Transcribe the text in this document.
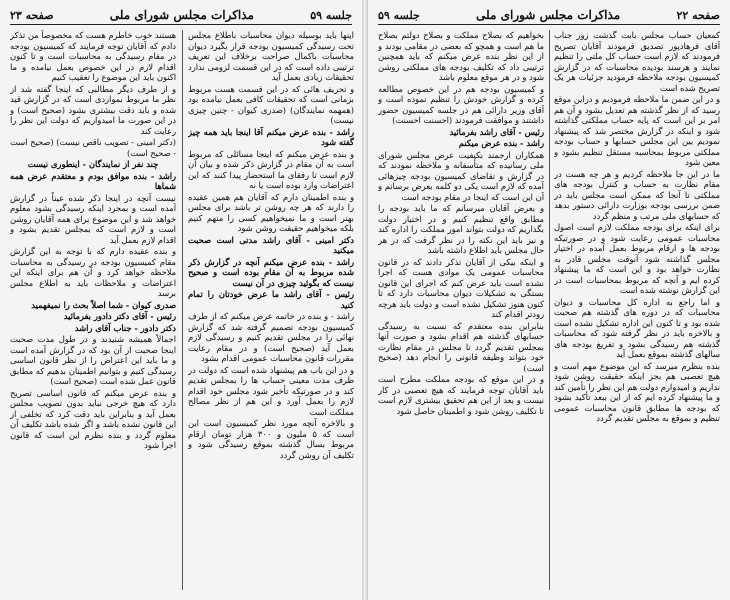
صفحه ۲۲
مذاکرات مجلس شورای ملی
جلسه ۵۹

کمعیان حساب مجلس بابت گذشت زوز جناب آقای فرهادپور تصدیق فرمودند آقایان تصریح فرمودند که لازم است حساب کل ملتی را تنظیم نمایند و هرسند بودیده محاسبات که در گزارش کمیسیون بودجه ملاحظه فرمودید جزئیات هر یک تصریح شده است

و در این ضمن ما ملاحظه فرمودیم و دراین موقع رسید که از نظر گذشته هم تعدیل بشود و آن هم امر بر این است که پایه حساب مملکتی گذاشته شود و اینکه در گزارش مختصر شد که پیشنهاد نمودیم بین این مجلس حسابها و حساب بودجه مملکتی مربوط بمحاسبه مستقل تنظیم بشود و معین شود

ما در این جا ملاحظه کردیم و هر چه هست در مقام نظارت به حساب و کنترل بودجه های مملکتی تا آنجا که ممکن است مجلس باید در ضمن بررسی بودجه بوزارت دارائی دستور بدهد که حسابهای ملی مرتب و منظم گردد

برای اینکه برای بودجه مملکت لازم است اصول محاسبات عمومی رعایت شود و در صورتیکه بودجه ها و ارقام مربوط بعمل آمده در اختیار مجلس گذاشته شود آنوقت مجلس قادر به نظارت خواهد بود و این است که ما پیشنهاد کرده ایم و آنچه که مربوط بمحاسبات است در این گزارش نوشته شده است

و اما راجع به اداره کل محاسبات و دیوان محاسبات که در دوره های گذشته هم صحبت شده بود و تا کنون این اداره تشکیل نشده است و بالاخره باید در نظر گرفته شود که محاسبات گذشته هم رسیدگی بشود و تفریغ بودجه های سالهای گذشته بموقع بعمل آید

بنده بنظرم میرسد که این موضوع مهم است و هیچ تعصبی هم بجز اینکه حقیقت روشن شود نداریم و امیدوارم دولت هم این نظر را تأمین کند و ما پیشنهاد کرده ایم که از این ببعد تأکید بشود که بودجه ها مطابق قانون محاسبات عمومی تنظیم و بموقع به مجلس تقدیم گردد

بخواهیم که بصلاح مملکت و بصلاح دولتم بصلاح ما هم است و همچو که بعضی در مقامی بودند و از این نظر بنده عرض میکنم که باید همچنین ترتیبی داد که تکلیف بودجه های مملکتی روشن شود و در هر موقع معلوم باشد

و کمیسیون بودجه هم در این خصوص مطالعه کرده و گزارش خودش را تنظیم نموده است و آقای وزیر دارائی هم در جلسه کمیسیون حضور داشتند و موافقت فرمودند (احسنت احسنت)

رئیس - آقای راشد بفرمائید

راشد - بنده عرض میکنم

همکاران ارجمند بکیفیت عرض مجلس شورای ملی رسانیده که متأسفانه و ملاحظه نمودند که در گزارش و تقاضای کمیسیون بودجه چیزهائی آمده که لازم است یکی دو کلمه بعرض برسانم و آن این است که اینجا در مقام بودجه است

و بعرض آقایان میرسانم که ما باید بودجه را مطابق واقع تنظیم کنیم و در اختیار دولت بگذاریم که دولت بتواند امور مملکت را اداره کند و نیز باید این نکته را در نظر گرفت که در هر حال مجلس باید اطلاع داشته باشد

و اینکه بیکی از آقایان تذکر دادند که در قانون محاسبات عمومی یک موادی هست که اجرا نشده است باید عرض کنم که اجرای این قانون بستگی به تشکیلات دیوان محاسبات دارد که تا کنون هنوز تشکیل نشده است و دولت باید هرچه زودتر اقدام کند

بنابراین بنده معتقدم که نسبت به رسیدگی حسابهای گذشته هم اقدام بشود و صورت آنها بمجلس تقدیم گردد تا مجلس در مقام نظارت خود بتواند وظیفه قانونی را انجام دهد (صحیح است)

و در این موقع که بودجه مملکت مطرح است باید آقایان توجه فرمایند که هیچ تعصبی در کار نیست و بعد از این هم تحقیق بیشتری لازم است تا تکلیف روشن شود و اطمینان حاصل شود

جلسه ۵۹
مذاکرات مجلس شورای ملی
صفحه ۲۳

اینها باید بوسیله دیوان محاسبات باطلاع مجلس تحت رسیدگی کمیسیون بودجه قرار بگیرد دیوان محاسبات باکمال صراحت برخلاف این تعریف ترتیبی داده است که در این قسمت لزومی ندارد تحقیقات زیادی بعمل آید

و تحریف هائی که در این قسمت هست مربوط بزمانی است که تحقیقات کافی بعمل نیامده بود (همهمه نمایندگان) (صدری کیوان - چنین چیزی نیست)

راشد - بنده عرض میکنم آقا اینجا باید همه چیز گفته شود

و بنده عرض میکنم که اینجا مسائلی که مربوط است به آن مقام در گزارش ذکر شده و بیان آن لازم است تا رفقای ما استحضار پیدا کنند که این اعتراضات وارد بوده است یا نه

و بنده اطمینان دارم که آقایان هم همین عقیده را دارند که هر چه روشن تر باشد برای مجلس بهتر است و ما نمیخواهیم کسی را متهم کنیم بلکه میخواهیم حقیقت روشن شود

دکتر امینی - آقای راشد مدتی است صحبت میکنید

راشد - بنده عرض میکنم آنچه در گزارش ذکر شده مربوط به آن مقام بوده است و صحیح نیست که بگوئید چیزی در آن نیست

رئیس - آقای راشد ما عرض خودتان را تمام کنید

راشد - و بنده در خاتمه عرض میکنم که از طرف کمیسیون بودجه تصمیم گرفته شد که گزارش نهائی را در مجلس تقدیم کنیم و رسیدگی لازم بعمل آید (صحیح است) و در مقام رعایت مقررات قانون محاسبات عمومی اقدام بشود

و در این باب هم پیشنهاد شده است که دولت در ظرف مدت معینی حساب ها را بمجلس تقدیم کند و در صورتیکه تأخیر شود مجلس خود اقدام لازم را بعمل آورد و این هم از نظر مصالح مملکت است

و بالاخره آنچه مورد نظر کمیسیون است این است که ۵ ملیون و ۳۰۰ هزار تومان ارقام مربوط بسال گذشته بموقع رسیدگی شود و تکلیف آن روشن گردد

هستند خوب خاطرم هست که مخصوصاً من تذکر دادم که آقایان توجه فرمایند که کمیسیون بودجه در مقام رسیدگی به محاسبات است و تا کنون اقدام لازم در این خصوص بعمل نیامده و ما اکنون باید این موضوع را تعقیب کنیم

و از طرف دیگر مطالبی که اینجا گفته شد از نظر ما مربوط بمواردی است که در گزارش قید شده و باید دقت بیشتری بشود (صحیح است) و در این صورت ما امیدواریم که دولت این نظر را رعایت کند

(دکتر امینی - تصویب ناقص نیست) (صحیح است - صحیح است)

چند نفر از نمایندگان - اینطوری نیست

راشد - بنده موافق بودم و معتقدم عرض همه شماها

نیست آنچه در اینجا ذکر شده عیناً در گزارش آمده است و بمجرد اینکه رسیدگی بشود معلوم خواهد شد و این موضوع برای همه آقایان روشن است و لازم است که بمجلس تقدیم بشود و اقدام لازم بعمل آید

و بنده عقیده دارم که با توجه به این گزارش مقام کمیسیون بودجه در رسیدگی به محاسبات ملاحظه خواهد کرد و آن هم برای اینکه این اعتراضات و ملاحظات باید به اطلاع مجلس برسد

صدری کیوان - شما اصلاً بحث را نمیفهمید

رئیس - آقای دکتر دادور بفرمائید

دکتر دادور - جناب آقای راشد

اجمالاً همیشه شنیدند و در طول مدت صحبت اینجا صحبت از آن بود که در گزارش آمده است و ما باید این اعتراض را از نظر قانون اساسی رسیدگی کنیم و بتوانیم اطمینان بدهیم که مطابق قانون عمل شده است (صحیح است)

و بنده عرض میکنم که قانون اساسی تصریح دارد که هیچ خرجی نباید بدون تصویب مجلس بعمل آید و بنابراین باید دقت کرد که تخلفی از این قانون نشده باشد و اگر شده باشد تکلیف آن معلوم گردد و بنده نظرم این است که قانون اجرا شود
